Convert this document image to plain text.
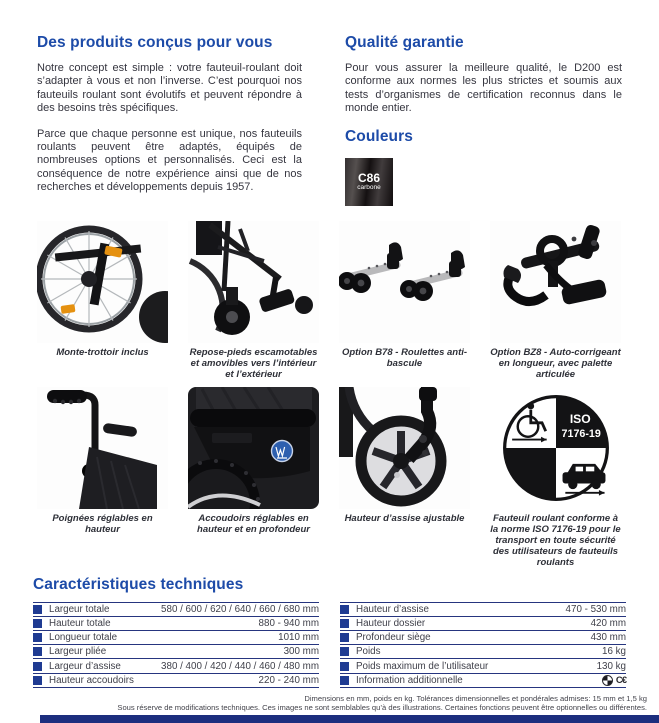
Des produits conçus pour vous

Notre concept est simple : votre fauteuil-roulant doit s’adapter à vous et non l’inverse. C’est pourquoi nos fauteuils roulant sont évolutifs et peuvent répondre à des besoins très spécifiques.

Parce que chaque personne est unique, nos fauteuils roulants peuvent être adaptés, équipés de nombreuses options et personnalisés. Ceci est la conséquence de notre expérience ainsi que de nos recherches et développements depuis 1957.

Qualité garantie

Pour vous assurer la meilleure qualité, le D200 est conforme aux normes les plus strictes et soumis aux tests d’organismes de certification reconnus dans le monde entier.

Couleurs
C86
carbone
Monte-trottoir inclus	Repose-pieds escamotables et amovibles vers l’intérieur et l’extérieur
Option B78 - Roulettes anti-bascule
Option BZ8 - Auto-corrigeant en longueur, avec palette articulée
Poignées réglables en hauteur
Accoudoirs réglables en hauteur et en profondeur
Hauteur d’assise ajustable
ISO
7176-19
Fauteuil roulant conforme à la norme ISO 7176-19 pour le transport en toute sécurité des utilisateurs de fauteuils roulants
Caractéristiques techniques
Largeur totale	580 / 600 / 620 / 640 / 660 / 680 mm
Hauteur totale	880 - 940 mm
Longueur totale	1010 mm
Largeur pliée	300 mm
Largeur d’assise	380 / 400 / 420 / 440 / 460 / 480 mm
Hauteur accoudoirs	220 - 240 mm
Hauteur d’assise	470 - 530 mm
Hauteur dossier	420 mm
Profondeur siège	430 mm
Poids	16 kg
Poids maximum de l’utilisateur	130 kg
Information additionnelle	C€
Dimensions en mm, poids en kg. Tolérances dimensionnelles et pondérales admises: 15 mm et 1,5 kg
Sous réserve de modifications techniques. Ces images ne sont semblables qu’à des illustrations. Certaines fonctions peuvent être optionnelles ou différentes.
